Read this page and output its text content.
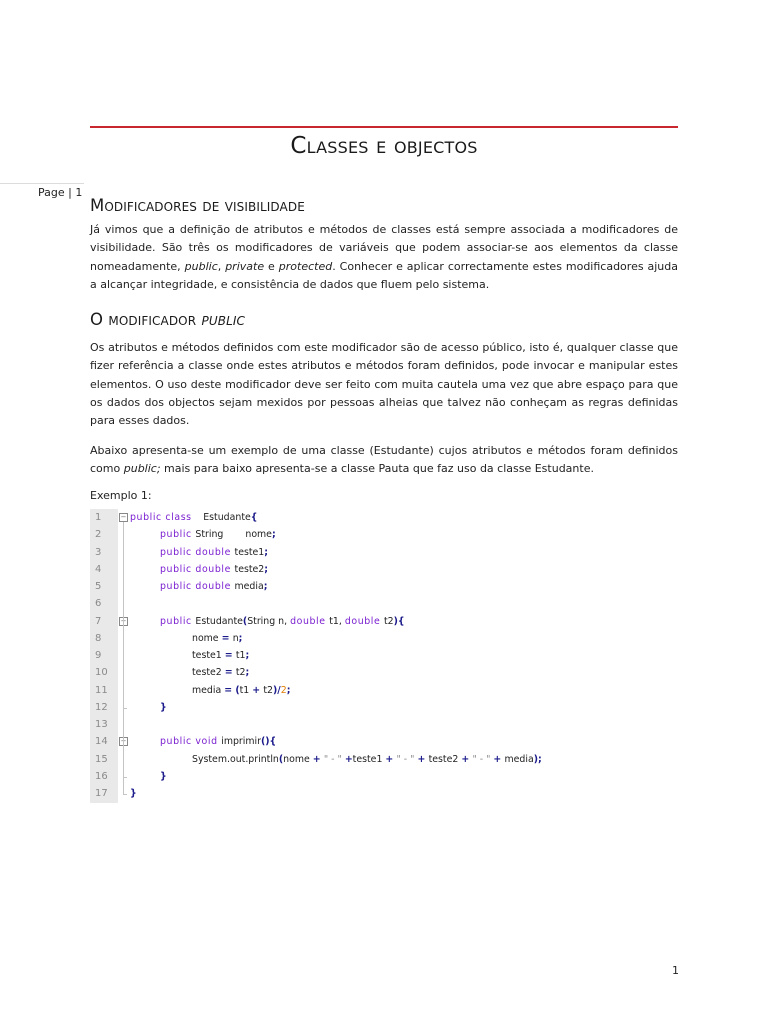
Classes e objectos
Page | 1
Modificadores de visibilidade

Já vimos que a definição de atributos e métodos de classes está sempre associada a modificadores de visibilidade. São três os modificadores de variáveis que podem associar-se aos elementos da classe nomeadamente, public, private e protected. Conhecer e aplicar correctamente estes modificadores ajuda a alcançar integridade, e consistência de dados que fluem pelo sistema.

O modificador public

Os atributos e métodos definidos com este modificador são de acesso público, isto é, qualquer classe que fizer referência a classe onde estes atributos e métodos foram definidos, pode invocar e manipular estes elementos. O uso deste modificador deve ser feito com muita cautela uma vez que abre espaço para que os dados dos objectos sejam mexidos por pessoas alheias que talvez não conheçam as regras definidas para esses dados.

Abaixo apresenta-se um exemplo de uma classe (Estudante) cujos atributos e métodos foram definidos como public; mais para baixo apresenta-se a classe Pauta que faz uso da classe Estudante.

Exemplo 1:
1 −	public class Estudante{
2	public String nome;
3	public double teste1;
4	public double teste2;
5	public double media;
6
7 −	public Estudante(String n, double t1, double t2){
8	nome = n;
9	teste1 = t1;
10	teste2 = t2;
11	media = (t1 + t2)/2;
12	}
13
14 −	public void imprimir(){
15	System.out.println(nome + " - " +teste1 + " - " + teste2 + " - " + media);
16	}
17	}
1
